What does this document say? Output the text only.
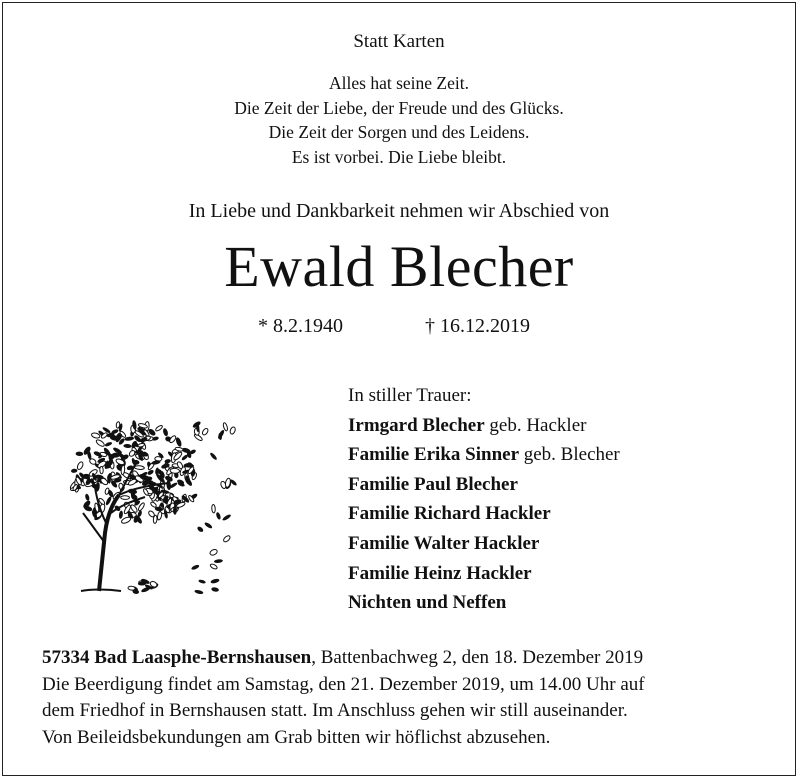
Statt Karten
Alles hat seine Zeit.
Die Zeit der Liebe, der Freude und des Glücks.
Die Zeit der Sorgen und des Leidens.
Es ist vorbei. Die Liebe bleibt.
In Liebe und Dankbarkeit nehmen wir Abschied von
Ewald Blecher
* 8.2.1940	† 16.12.2019
In stiller Trauer:
Irmgard Blecher geb. Hackler
Familie Erika Sinner geb. Blecher
Familie Paul Blecher
Familie Richard Hackler
Familie Walter Hackler
Familie Heinz Hackler
Nichten und Neffen
57334 Bad Laasphe-Bernshausen, Battenbachweg 2, den 18. Dezember 2019
Die Beerdigung findet am Samstag, den 21. Dezember 2019, um 14.00 Uhr auf
dem Friedhof in Bernshausen statt. Im Anschluss gehen wir still auseinander.
Von Beileidsbekundungen am Grab bitten wir höflichst abzusehen.
